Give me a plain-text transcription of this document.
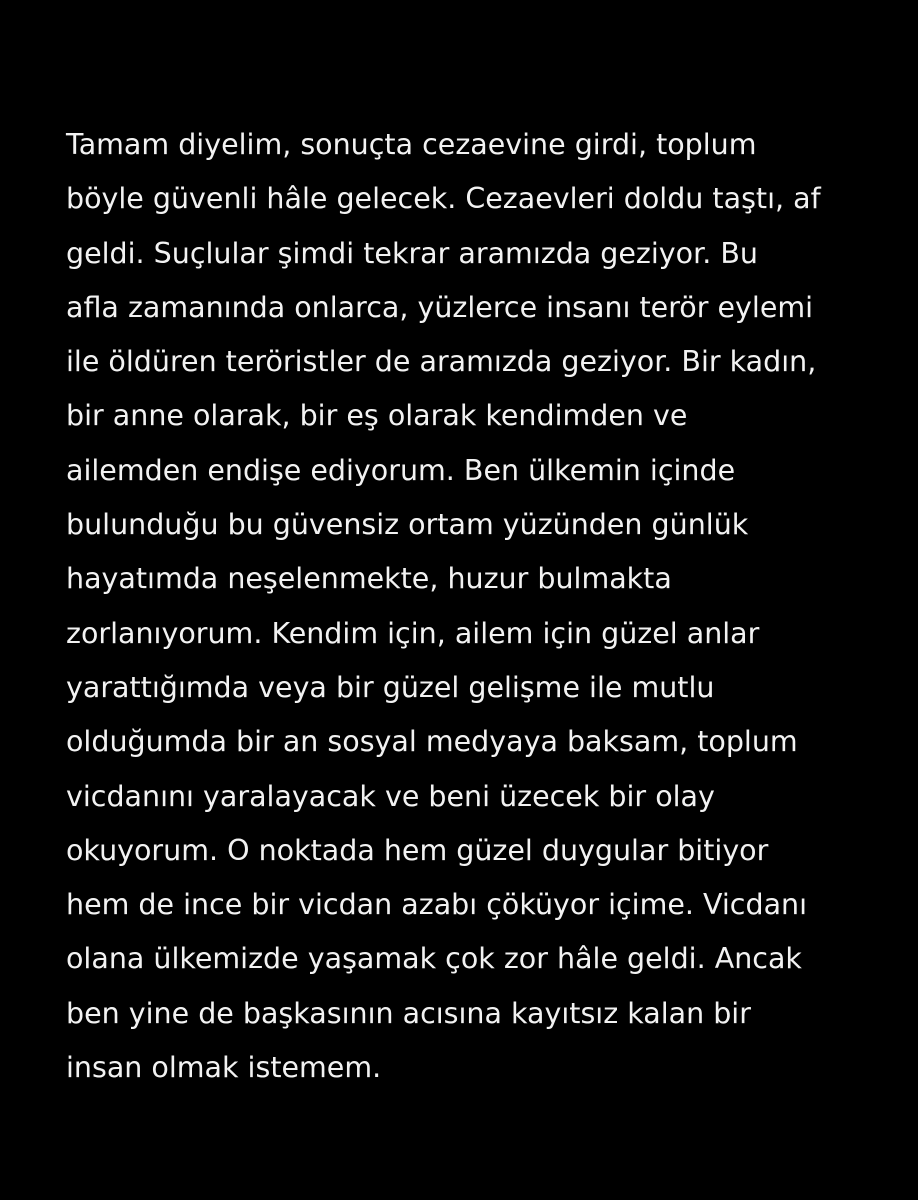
Tamam diyelim, sonuçta cezaevine girdi, toplum
böyle güvenli hâle gelecek. Cezaevleri doldu taştı, af
geldi. Suçlular şimdi tekrar aramızda geziyor. Bu
afla zamanında onlarca, yüzlerce insanı terör eylemi
ile öldüren teröristler de aramızda geziyor. Bir kadın,
bir anne olarak, bir eş olarak kendimden ve
ailemden endişe ediyorum. Ben ülkemin içinde
bulunduğu bu güvensiz ortam yüzünden günlük
hayatımda neşelenmekte, huzur bulmakta
zorlanıyorum. Kendim için, ailem için güzel anlar
yarattığımda veya bir güzel gelişme ile mutlu
olduğumda bir an sosyal medyaya baksam, toplum
vicdanını yaralayacak ve beni üzecek bir olay
okuyorum. O noktada hem güzel duygular bitiyor
hem de ince bir vicdan azabı çöküyor içime. Vicdanı
olana ülkemizde yaşamak çok zor hâle geldi. Ancak
ben yine de başkasının acısına kayıtsız kalan bir
insan olmak istemem.
